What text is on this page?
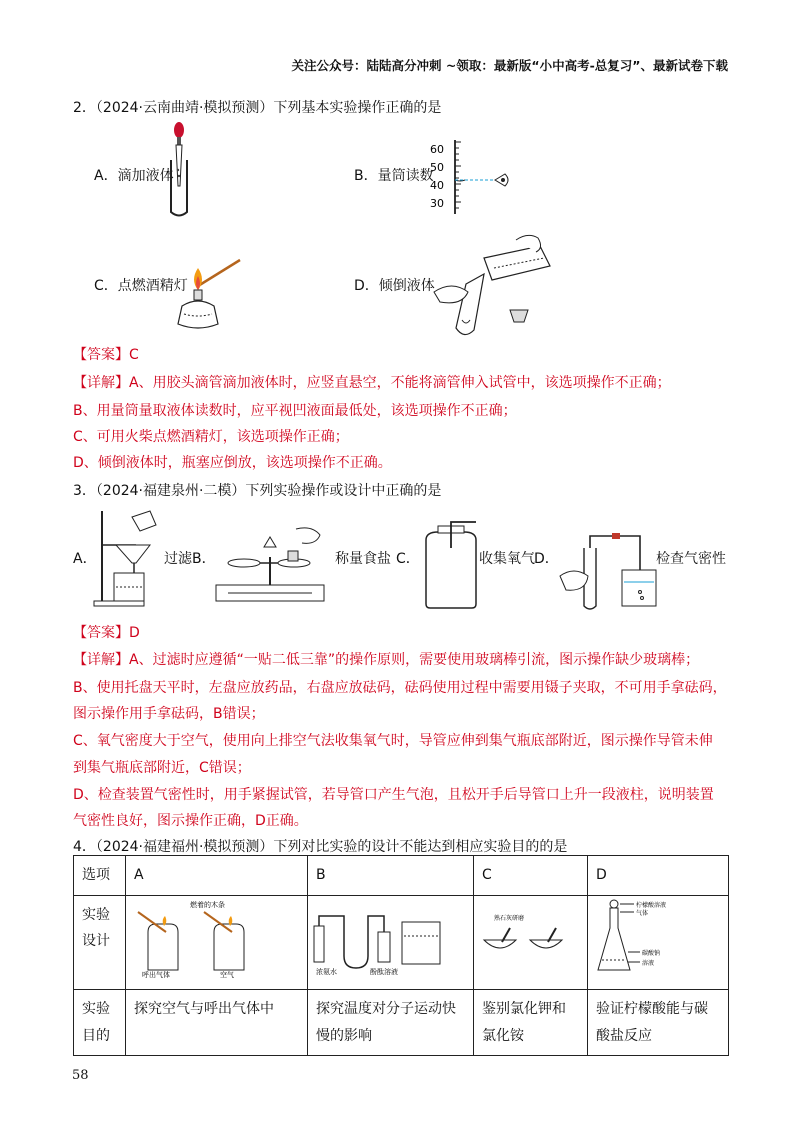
关注公众号：陆陆高分冲刺 ~领取：最新版“小中高考-总复习”、最新试卷下载
2．（2024·云南曲靖·模拟预测）下列基本实验操作正确的是
A．滴加液体	B．量筒读数
60
50
40
30
C．点燃酒精灯	D．倾倒液体
【答案】C
【详解】A、用胶头滴管滴加液体时，应竖直悬空，不能将滴管伸入试管中，该选项操作不正确；
B、用量筒量取液体读数时，应平视凹液面最低处，该选项操作不正确；
C、可用火柴点燃酒精灯，该选项操作正确；
D、倾倒液体时，瓶塞应倒放，该选项操作不正确。
3．（2024·福建泉州·二模）下列实验操作或设计中正确的是
A．	过滤 B．	称量食盐 C．	收集氧气 D．	检查气密性
【答案】D
【详解】A、过滤时应遵循“一贴二低三靠”的操作原则，需要使用玻璃棒引流，图示操作缺少玻璃棒；
B、使用托盘天平时，左盘应放药品，右盘应放砝码，砝码使用过程中需要用镊子夹取，不可用手拿砝码，
图示操作用手拿砝码，B错误；
C、氧气密度大于空气，使用向上排空气法收集氧气时，导管应伸到集气瓶底部附近，图示操作导管未伸
到集气瓶底部附近，C错误；
D、检查装置气密性时，用手紧握试管，若导管口产生气泡，且松开手后导管口上升一段液柱，说明装置
气密性良好，图示操作正确，D正确。
4．（2024·福建福州·模拟预测）下列对比实验的设计不能达到相应实验目的的是
选项	A	B	C	D

实验设计	燃着的木条
呼出气体 空气	浓氨水 酚酞溶液	熟石灰研磨	柠檬酸溶液
气体
碳酸钠
溶液

实验目的	探究空气与呼出气体中	探究温度对分子运动快慢的影响	鉴别氯化钾和氯化铵	验证柠檬酸能与碳酸盐反应
58
